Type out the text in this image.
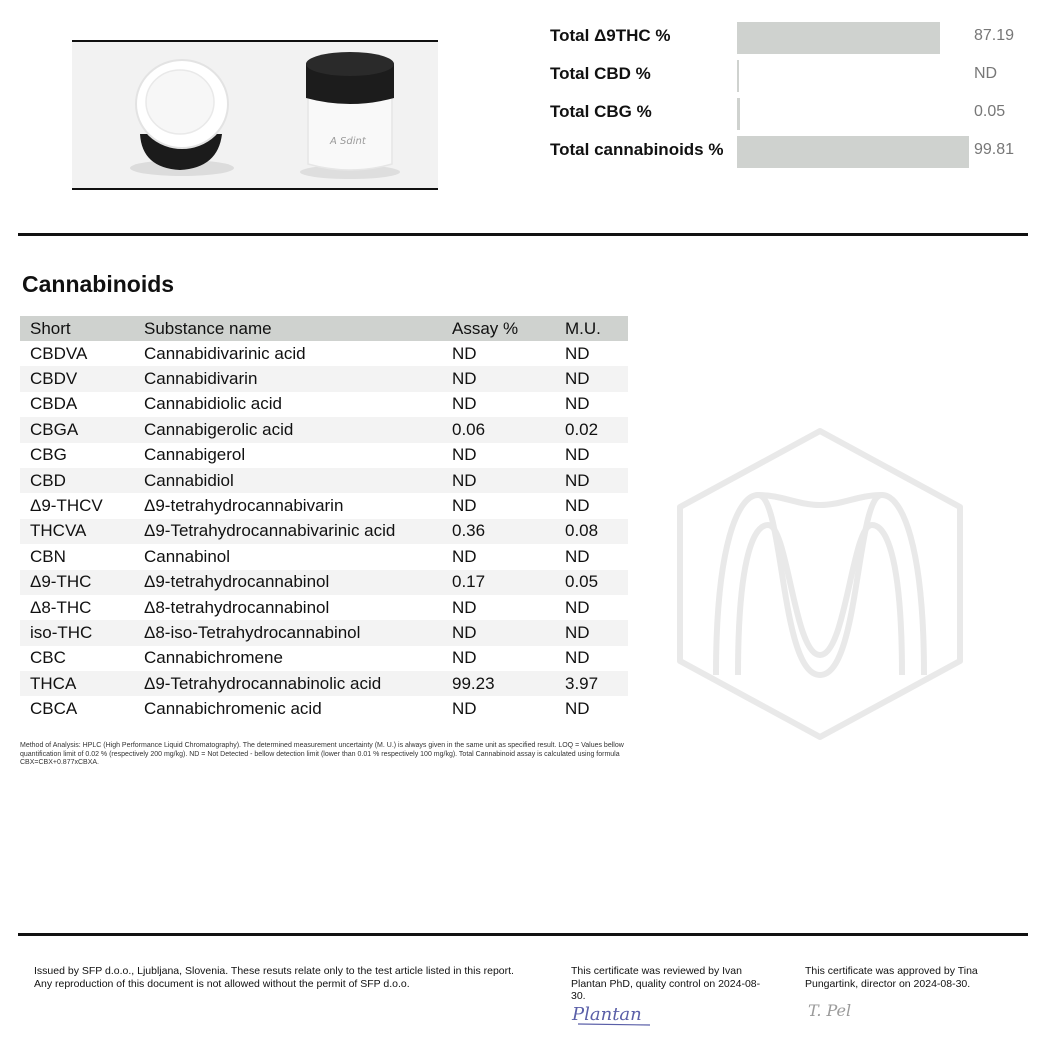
A Sdint
Total Δ9THC %	87.19
Total CBD %	ND
Total CBG %	0.05
Total cannabinoids %	99.81
Cannabinoids
Short	Substance name	Assay %	M.U.
CBDVA	Cannabidivarinic acid	ND	ND
CBDV	Cannabidivarin	ND	ND
CBDA	Cannabidiolic acid	ND	ND
CBGA	Cannabigerolic acid	0.06	0.02
CBG	Cannabigerol	ND	ND
CBD	Cannabidiol	ND	ND
Δ9-THCV	Δ9-tetrahydrocannabivarin	ND	ND
THCVA	Δ9-Tetrahydrocannabivarinic acid	0.36	0.08
CBN	Cannabinol	ND	ND
Δ9-THC	Δ9-tetrahydrocannabinol	0.17	0.05
Δ8-THC	Δ8-tetrahydrocannabinol	ND	ND
iso-THC	Δ8-iso-Tetrahydrocannabinol	ND	ND
CBC	Cannabichromene	ND	ND
THCA	Δ9-Tetrahydrocannabinolic acid	99.23	3.97
CBCA	Cannabichromenic acid	ND	ND
Method of Analysis: HPLC (High Performance Liquid Chromatography). The determined measurement uncertainty (M. U.) is always given in the same unit as specified result. LOQ = Values bellow quantification limit of 0.02 % (respectively 200 mg/kg). ND = Not Detected - bellow detection limit (lower than 0.01 % respectively 100 mg/kg). Total Cannabinoid assay is calculated using formula CBX=CBX+0.877xCBXA.
Issued by SFP d.o.o., Ljubljana, Slovenia. These resuts relate only to the test article listed in this report. Any reproduction of this document is not allowed without the permit of SFP d.o.o.
This certificate was reviewed by Ivan Plantan PhD, quality control on 2024-08-30.
Plantan
This certificate was approved by Tina Pungartink, director on 2024-08-30.
T. Pel
